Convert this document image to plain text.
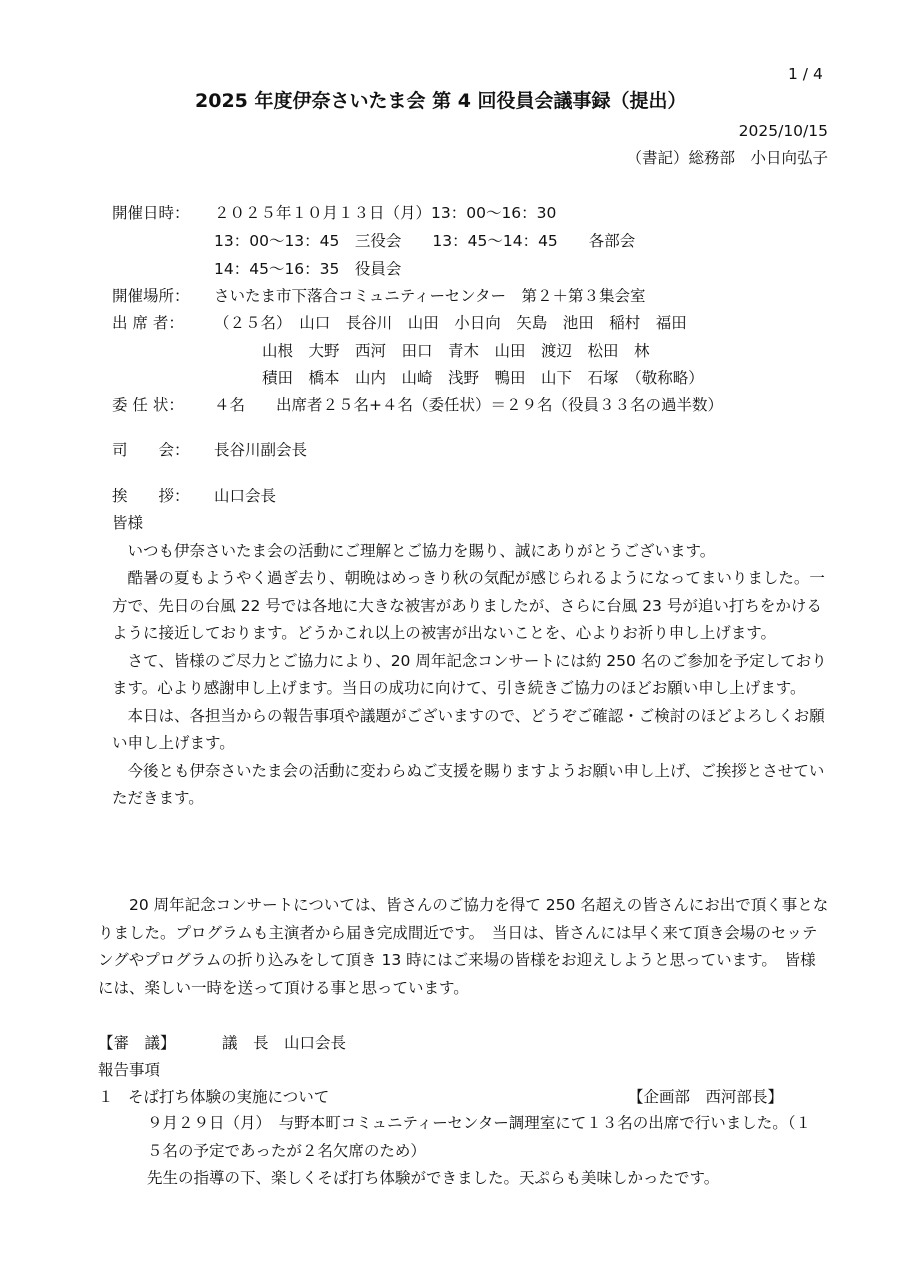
1 / 4
2025 年度伊奈さいたま会 第 4 回役員会議事録（提出）
2025/10/15
（書記）総務部　小日向弘子
開催日時： ２０２５年１０月１３日（月）13：00～16：30
13：00～13：45　三役会　　13：45～14：45　　各部会
14：45～16：35　役員会
開催場所： さいたま市下落合コミュニティーセンター　第２＋第３集会室
出 席 者： （２５名）　山口　長谷川　山田　小日向　矢島　池田　稲村　福田
山根　大野　西河　田口　青木　山田　渡辺　松田　林
積田　橋本　山内　山崎　浅野　鴨田　山下　石塚　（敬称略）
委 任 状： ４名　　出席者２５名+４名（委任状）＝２９名（役員３３名の過半数）
司　　会： 長谷川副会長
挨　　拶： 山口会長

皆様

いつも伊奈さいたま会の活動にご理解とご協力を賜り、誠にありがとうございます。

酷暑の夏もようやく過ぎ去り、朝晩はめっきり秋の気配が感じられるようになってまいりました。一方で、先日の台風 22 号では各地に大きな被害がありましたが、さらに台風 23 号が追い打ちをかけるように接近しております。どうかこれ以上の被害が出ないことを、心よりお祈り申し上げます。

さて、皆様のご尽力とご協力により、20 周年記念コンサートには約 250 名のご参加を予定しております。心より感謝申し上げます。当日の成功に向けて、引き続きご協力のほどお願い申し上げます。

本日は、各担当からの報告事項や議題がございますので、どうぞご確認・ご検討のほどよろしくお願い申し上げます。

今後とも伊奈さいたま会の活動に変わらぬご支援を賜りますようお願い申し上げ、ご挨拶とさせていただきます。

20 周年記念コンサートについては、皆さんのご協力を得て 250 名超えの皆さんにお出で頂く事となりました。プログラムも主演者から届き完成間近です。　当日は、皆さんには早く来て頂き会場のセッテングやプログラムの折り込みをして頂き 13 時にはご来場の皆様をお迎えしようと思っています。　皆様には、楽しい一時を送って頂ける事と思っています。

【審　議】	議　長　山口会長
報告事項
１ そば打ち体験の実施について	【企画部　西河部長】

９月２９日（月）　与野本町コミュニティーセンター調理室にて１３名の出席で行いました。（１５名の予定であったが２名欠席のため）

先生の指導の下、楽しくそば打ち体験ができました。天ぷらも美味しかったです。
